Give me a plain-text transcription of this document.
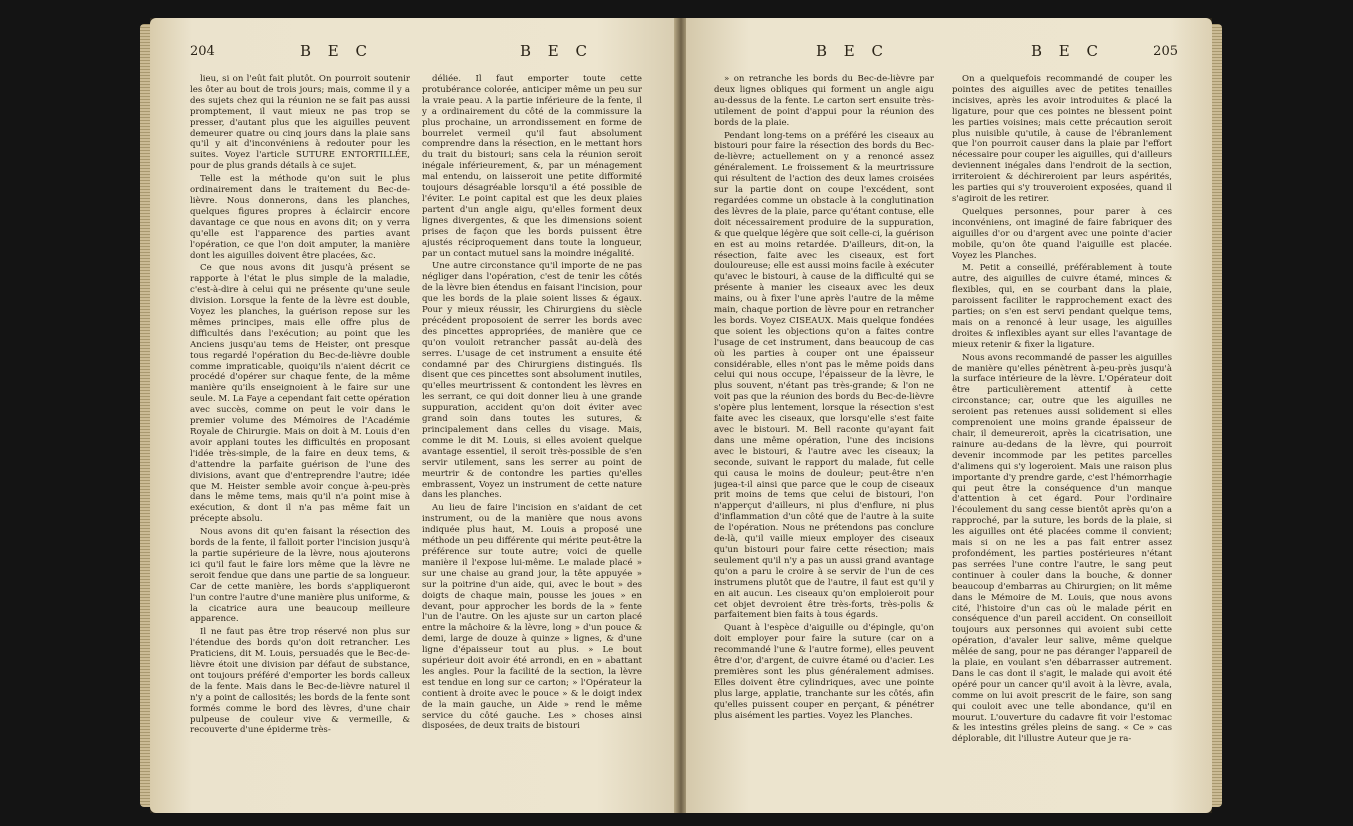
204	B E C	B E C

lieu, si on l'eût fait plutôt. On pourroit soutenir les ôter au bout de trois jours; mais, comme il y a des sujets chez qui la réunion ne se fait pas aussi promptement, il vaut mieux ne pas trop se presser, d'autant plus que les aiguilles peuvent demeurer quatre ou cinq jours dans la plaie sans qu'il y ait d'inconvéniens à redouter pour les suites. Voyez l'article SUTURE ENTORTILLÉE, pour de plus grands détails à ce sujet.

Telle est la méthode qu'on suit le plus ordinairement dans le traitement du Bec-de-lièvre. Nous donnerons, dans les planches, quelques figures propres à éclaircir encore davantage ce que nous en avons dit; on y verra qu'elle est l'apparence des parties avant l'opération, ce que l'on doit amputer, la manière dont les aiguilles doivent être placées, &c.

Ce que nous avons dit jusqu'à présent se rapporte à l'état le plus simple de la maladie, c'est-à-dire à celui qui ne présente qu'une seule division. Lorsque la fente de la lèvre est double, Voyez les planches, la guérison repose sur les mêmes principes, mais elle offre plus de difficultés dans l'exécution; au point que les Anciens jusqu'au tems de Heister, ont presque tous regardé l'opération du Bec-de-lièvre double comme impraticable, quoiqu'ils n'aient décrit ce procédé d'opérer sur chaque fente, de la même manière qu'ils enseignoient à le faire sur une seule. M. La Faye a cependant fait cette opération avec succès, comme on peut le voir dans le premier volume des Mémoires de l'Académie Royale de Chirurgie. Mais on doit à M. Louis d'en avoir applani toutes les difficultés en proposant l'idée très-simple, de la faire en deux tems, & d'attendre la parfaite guérison de l'une des divisions, avant que d'entreprendre l'autre; idée que M. Heister semble avoir conçue à-peu-près dans le même tems, mais qu'il n'a point mise à exécution, & dont il n'a pas même fait un précepte absolu.

Nous avons dit qu'en faisant la résection des bords de la fente, il falloit porter l'incision jusqu'à la partie supérieure de la lèvre, nous ajouterons ici qu'il faut le faire lors même que la lèvre ne seroit fendue que dans une partie de sa longueur. Car de cette manière, les bords s'appliqueront l'un contre l'autre d'une manière plus uniforme, & la cicatrice aura une beaucoup meilleure apparence.

Il ne faut pas être trop réservé non plus sur l'étendue des bords qu'on doit retrancher. Les Praticiens, dit M. Louis, persuadés que le Bec-de-lièvre étoit une division par défaut de substance, ont toujours préféré d'emporter les bords calleux de la fente. Mais dans le Bec-de-lièvre naturel il n'y a point de callosités; les bords de la fente sont formés comme le bord des lèvres, d'une chair pulpeuse de couleur vive & vermeille, & recouverte d'une épiderme très-

déliée. Il faut emporter toute cette protubérance colorée, anticiper même un peu sur la vraie peau. A la partie inférieure de la fente, il y a ordinairement du côté de la commissure la plus prochaine, un arrondissement en forme de bourrelet vermeil qu'il faut absolument comprendre dans la résection, en le mettant hors du trait du bistouri; sans cela la réunion seroit inégale inférieurement, &, par un ménagement mal entendu, on laisseroit une petite difformité toujours désagréable lorsqu'il a été possible de l'éviter. Le point capital est que les deux plaies partent d'un angle aigu, qu'elles forment deux lignes divergentes, & que les dimensions soient prises de façon que les bords puissent être ajustés réciproquement dans toute la longueur, par un contact mutuel sans la moindre inégalité.

Une autre circonstance qu'il importe de ne pas négliger dans l'opération, c'est de tenir les côtés de la lèvre bien étendus en faisant l'incision, pour que les bords de la plaie soient lisses & égaux. Pour y mieux réussir, les Chirurgiens du siècle précédent proposoient de serrer les bords avec des pincettes appropriées, de manière que ce qu'on vouloit retrancher passât au-delà des serres. L'usage de cet instrument a ensuite été condamné par des Chirurgiens distingués. Ils disent que ces pincettes sont absolument inutiles, qu'elles meurtrissent & contondent les lèvres en les serrant, ce qui doit donner lieu à une grande suppuration, accident qu'on doit éviter avec grand soin dans toutes les sutures, & principalement dans celles du visage. Mais, comme le dit M. Louis, si elles avoient quelque avantage essentiel, il seroit très-possible de s'en servir utilement, sans les serrer au point de meurtrir & de contondre les parties qu'elles embrassent, Voyez un instrument de cette nature dans les planches.

Au lieu de faire l'incision en s'aidant de cet instrument, ou de la manière que nous avons indiquée plus haut, M. Louis a proposé une méthode un peu différente qui mérite peut-être la préférence sur toute autre; voici de quelle manière il l'expose lui-même. Le malade placé » sur une chaise au grand jour, la tête appuyée » sur la poitrine d'un aide, qui, avec le bout » des doigts de chaque main, pousse les joues » en devant, pour approcher les bords de la » fente l'un de l'autre. On les ajuste sur un carton placé entre la mâchoire & la lèvre, long » d'un pouce & demi, large de douze à quinze » lignes, & d'une ligne d'épaisseur tout au plus. » Le bout supérieur doit avoir été arrondi, en en » abattant les angles. Pour la facilité de la section, la lèvre est tendue en long sur ce carton; » l'Opérateur la contient à droite avec le pouce » & le doigt index de la main gauche, un Aide » rend le même service du côté gauche. Les » choses ainsi disposées, de deux traits de bistouri

B E C	B E C	205

» on retranche les bords du Bec-de-lièvre par deux lignes obliques qui forment un angle aigu au-dessus de la fente. Le carton sert ensuite très-utilement de point d'appui pour la réunion des bords de la plaie.

Pendant long-tems on a préféré les ciseaux au bistouri pour faire la résection des bords du Bec-de-lièvre; actuellement on y a renoncé assez généralement. Le froissement & la meurtrissure qui résultent de l'action des deux lames croisées sur la partie dont on coupe l'excédent, sont regardées comme un obstacle à la conglutination des lèvres de la plaie, parce qu'étant contuse, elle doit nécessairement produire de la suppuration, & que quelque légère que soit celle-ci, la guérison en est au moins retardée. D'ailleurs, dit-on, la résection, faite avec les ciseaux, est fort douloureuse; elle est aussi moins facile à exécuter qu'avec le bistouri, à cause de la difficulté qui se présente à manier les ciseaux avec les deux mains, ou à fixer l'une après l'autre de la même main, chaque portion de lèvre pour en retrancher les bords. Voyez CISEAUX. Mais quelque fondées que soient les objections qu'on a faites contre l'usage de cet instrument, dans beaucoup de cas où les parties à couper ont une épaisseur considérable, elles n'ont pas le même poids dans celui qui nous occupe, l'épaisseur de la lèvre, le plus souvent, n'étant pas très-grande; & l'on ne voit pas que la réunion des bords du Bec-de-lièvre s'opère plus lentement, lorsque la résection s'est faite avec les ciseaux, que lorsqu'elle s'est faite avec le bistouri. M. Bell raconte qu'ayant fait dans une même opération, l'une des incisions avec le bistouri, & l'autre avec les ciseaux; la seconde, suivant le rapport du malade, fut celle qui causa le moins de douleur; peut-être n'en jugea-t-il ainsi que parce que le coup de ciseaux prit moins de tems que celui de bistouri, l'on n'apperçut d'ailleurs, ni plus d'enflure, ni plus d'inflammation d'un côté que de l'autre à la suite de l'opération. Nous ne prétendons pas conclure de-là, qu'il vaille mieux employer des ciseaux qu'un bistouri pour faire cette résection; mais seulement qu'il n'y a pas un aussi grand avantage qu'on a paru le croire à se servir de l'un de ces instrumens plutôt que de l'autre, il faut est qu'il y en ait aucun. Les ciseaux qu'on emploieroit pour cet objet devroient être très-forts, très-polis & parfaitement bien faits à tous égards.

Quant à l'espèce d'aiguille ou d'épingle, qu'on doit employer pour faire la suture (car on a recommandé l'une & l'autre forme), elles peuvent être d'or, d'argent, de cuivre étamé ou d'acier. Les premières sont les plus généralement admises. Elles doivent être cylindriques, avec une pointe plus large, applatie, tranchante sur les côtés, afin qu'elles puissent couper en perçant, & pénétrer plus aisément les parties. Voyez les Planches.

On a quelquefois recommandé de couper les pointes des aiguilles avec de petites tenailles incisives, après les avoir introduites & placé la ligature, pour que ces pointes ne blessent point les parties voisines; mais cette précaution seroit plus nuisible qu'utile, à cause de l'ébranlement que l'on pourroit causer dans la plaie par l'effort nécessaire pour couper les aiguilles, qui d'ailleurs deviennent inégales dans l'endroit de la section, irriteroient & déchireroient par leurs aspérités, les parties qui s'y trouveroient exposées, quand il s'agiroit de les retirer.

Quelques personnes, pour parer à ces inconvéniens, ont imaginé de faire fabriquer des aiguilles d'or ou d'argent avec une pointe d'acier mobile, qu'on ôte quand l'aiguille est placée. Voyez les Planches.

M. Petit a conseillé, préférablement à toute autre, des aiguilles de cuivre étamé, minces & flexibles, qui, en se courbant dans la plaie, paroissent faciliter le rapprochement exact des parties; on s'en est servi pendant quelque tems, mais on a renoncé à leur usage, les aiguilles droites & inflexibles ayant sur elles l'avantage de mieux retenir & fixer la ligature.

Nous avons recommandé de passer les aiguilles de manière qu'elles pénètrent à-peu-près jusqu'à la surface intérieure de la lèvre. L'Opérateur doit être particulièrement attentif à cette circonstance; car, outre que les aiguilles ne seroient pas retenues aussi solidement si elles comprenoient une moins grande épaisseur de chair, il demeureroit, après la cicatrisation, une rainure au-dedans de la lèvre, qui pourroit devenir incommode par les petites parcelles d'alimens qui s'y logeroient. Mais une raison plus importante d'y prendre garde, c'est l'hémorrhagie qui peut être la conséquence d'un manque d'attention à cet égard. Pour l'ordinaire l'écoulement du sang cesse bientôt après qu'on a rapproché, par la suture, les bords de la plaie, si les aiguilles ont été placées comme il convient; mais si on ne les a pas fait entrer assez profondément, les parties postérieures n'étant pas serrées l'une contre l'autre, le sang peut continuer à couler dans la bouche, & donner beaucoup d'embarras au Chirurgien; on lit même dans le Mémoire de M. Louis, que nous avons cité, l'histoire d'un cas où le malade périt en conséquence d'un pareil accident. On conseilloit toujours aux personnes qui avoient subi cette opération, d'avaler leur salive, même quelque mêlée de sang, pour ne pas déranger l'appareil de la plaie, en voulant s'en débarrasser autrement. Dans le cas dont il s'agit, le malade qui avoit été opéré pour un cancer qu'il avoit à la lèvre, avala, comme on lui avoit prescrit de le faire, son sang qui couloit avec une telle abondance, qu'il en mourut. L'ouverture du cadavre fit voir l'estomac & les intestins gréles pleins de sang. « Ce » cas déplorable, dit l'illustre Auteur que je ra-
